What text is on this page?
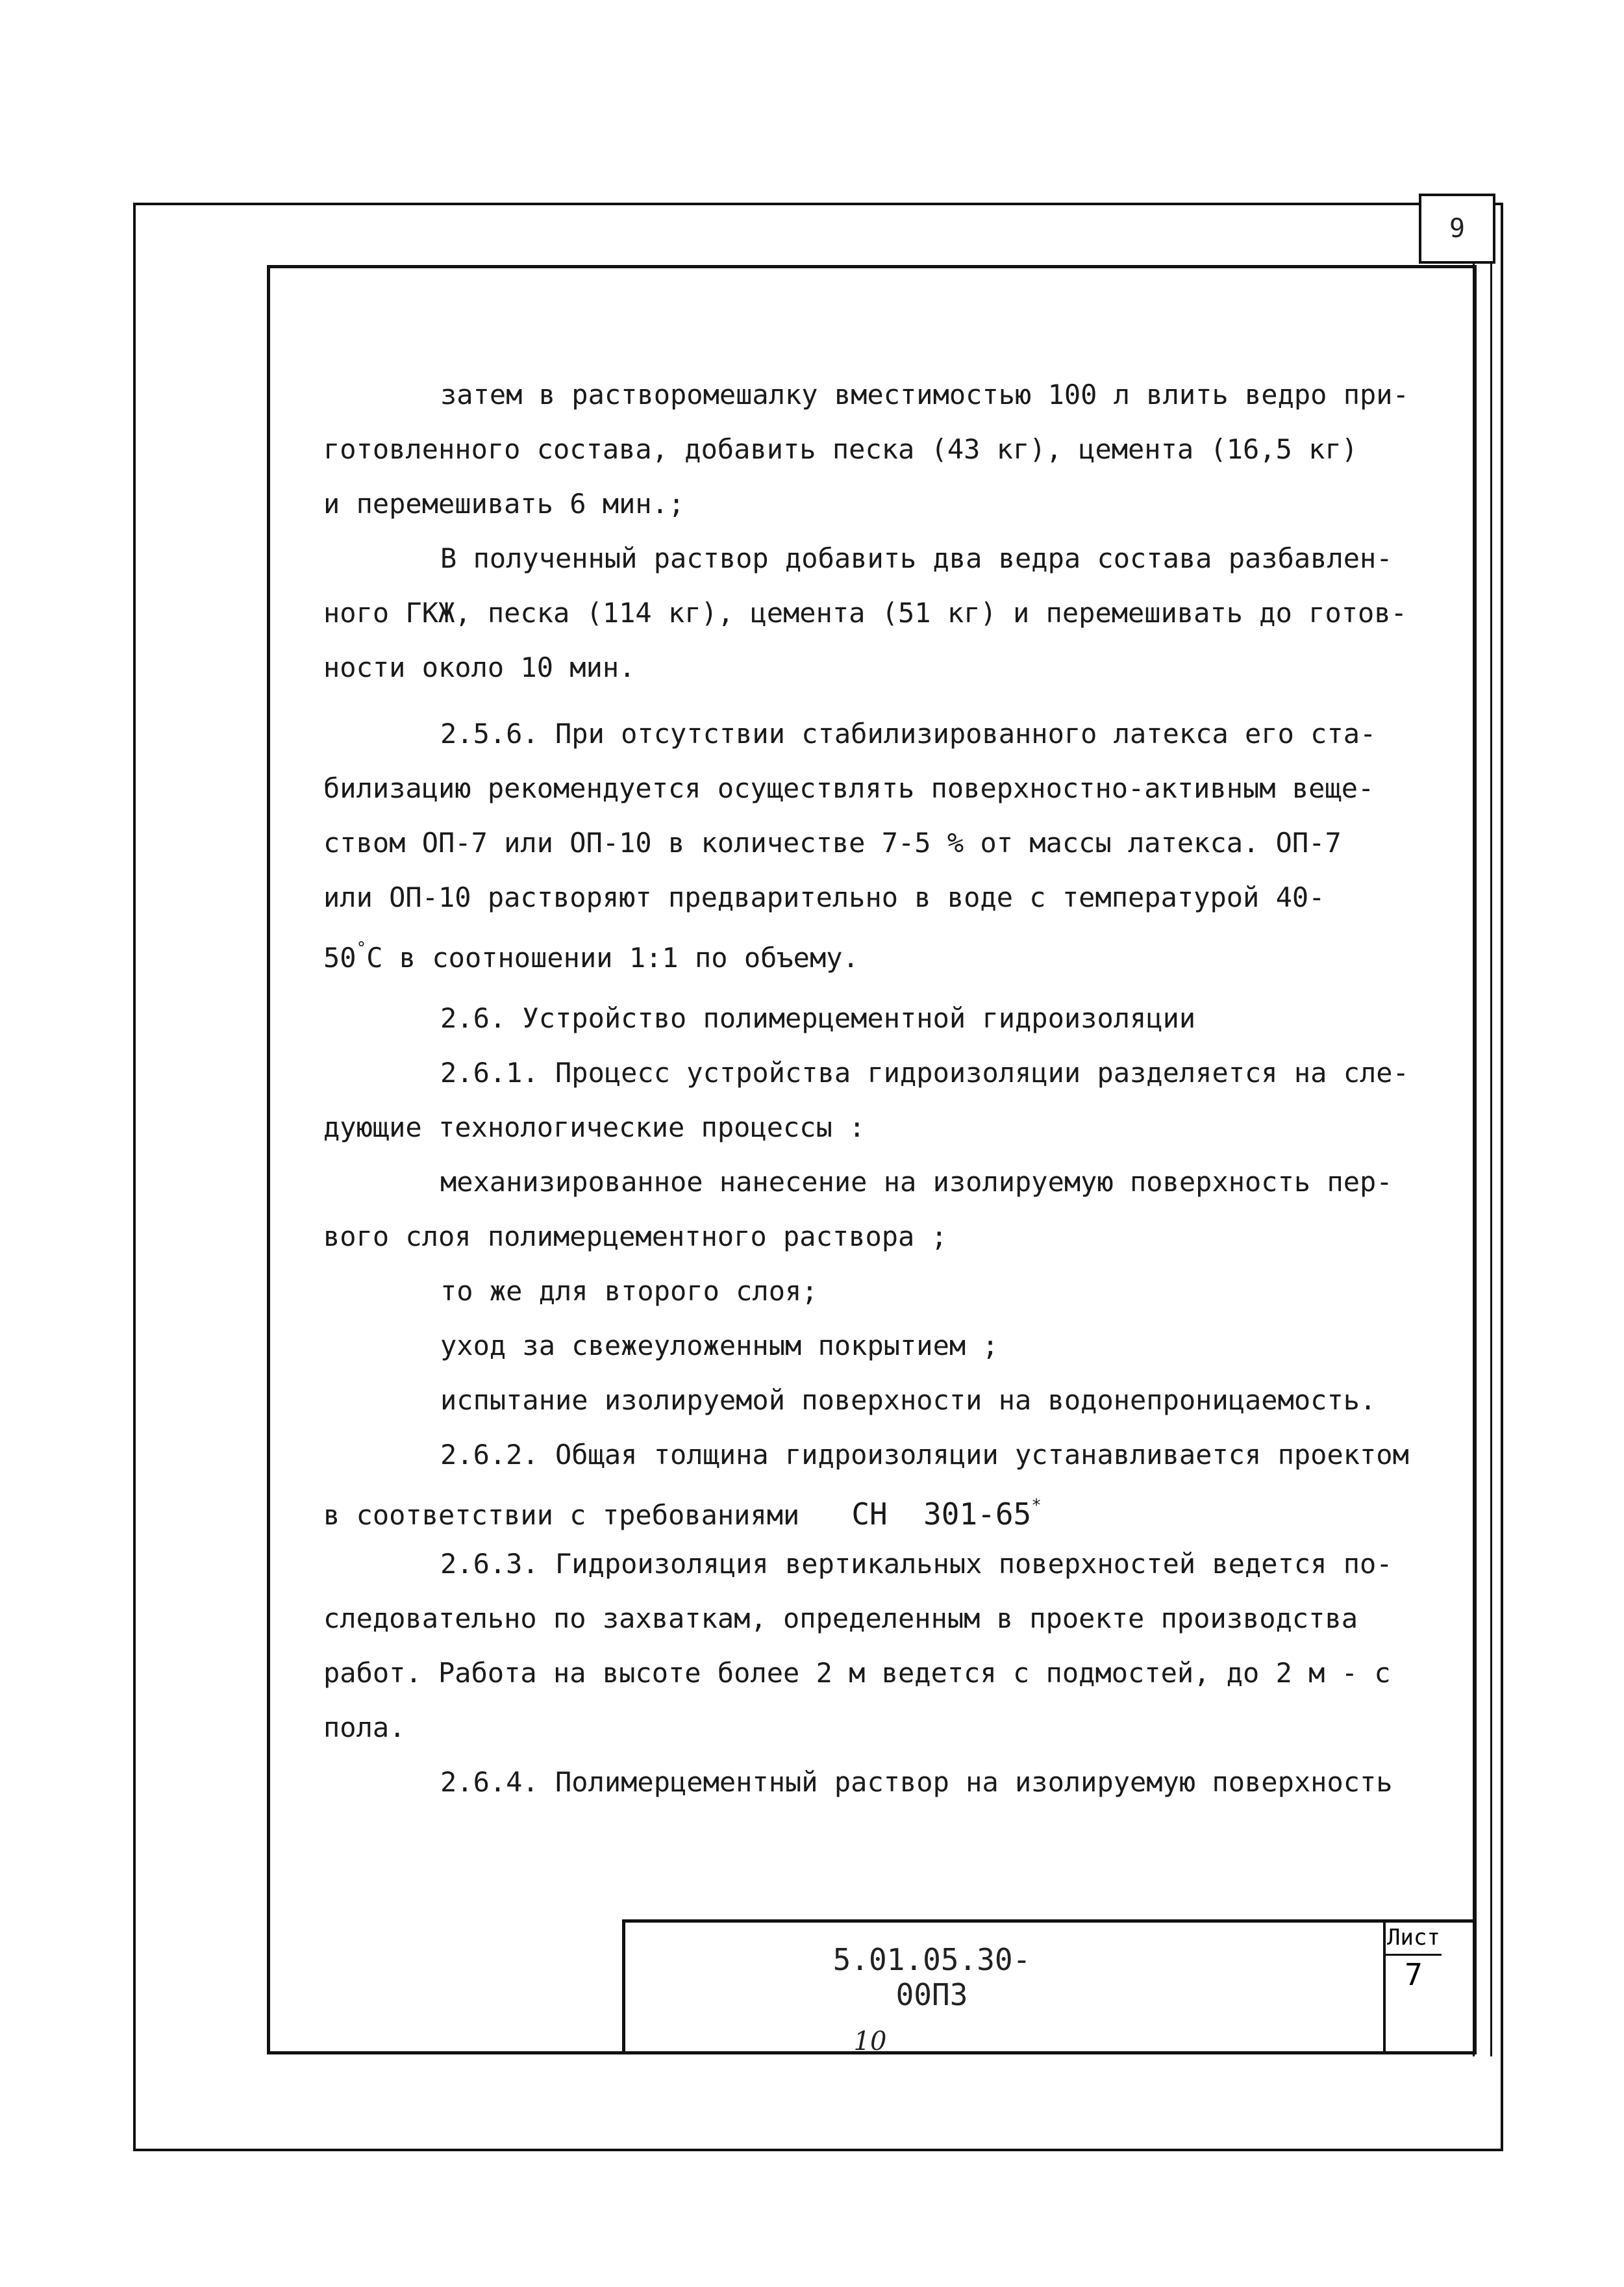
9
затем в растворомешалку вместимостью 100 л влить ведро при-
готовленного состава, добавить песка (43 кг), цемента (16,5 кг)
и перемешивать 6 мин.;
В полученный раствор добавить два ведра состава разбавлен-
ного ГКЖ, песка (114 кг), цемента (51 кг) и перемешивать до готов-
ности около 10 мин.
2.5.6. При отсутствии стабилизированного латекса его ста-
билизацию рекомендуется осуществлять поверхностно-активным веще-
ством ОП-7 или ОП-10 в количестве 7-5 % от массы латекса. ОП-7
или ОП-10 растворяют предварительно в воде с температурой 40-
50°С в соотношении 1:1 по объему.
2.6. Устройство полимерцементной гидроизоляции
2.6.1. Процесс устройства гидроизоляции разделяется на сле-
дующие технологические процессы :
механизированное нанесение на изолируемую поверхность пер-
вого слоя полимерцементного раствора ;
то же для второго слоя;
уход за свежеуложенным покрытием ;
испытание изолируемой поверхности на водонепроницаемость.
2.6.2. Общая толщина гидроизоляции устанавливается проектом
в соответствии с требованиями СН  301-65*
2.6.3. Гидроизоляция вертикальных поверхностей ведется по-
следовательно по захваткам, определенным в проекте производства
работ. Работа на высоте более 2 м ведется с подмостей, до 2 м - с
пола.
2.6.4. Полимерцементный раствор на изолируемую поверхность
5.01.05.30-00ПЗ
Лист
7
10
